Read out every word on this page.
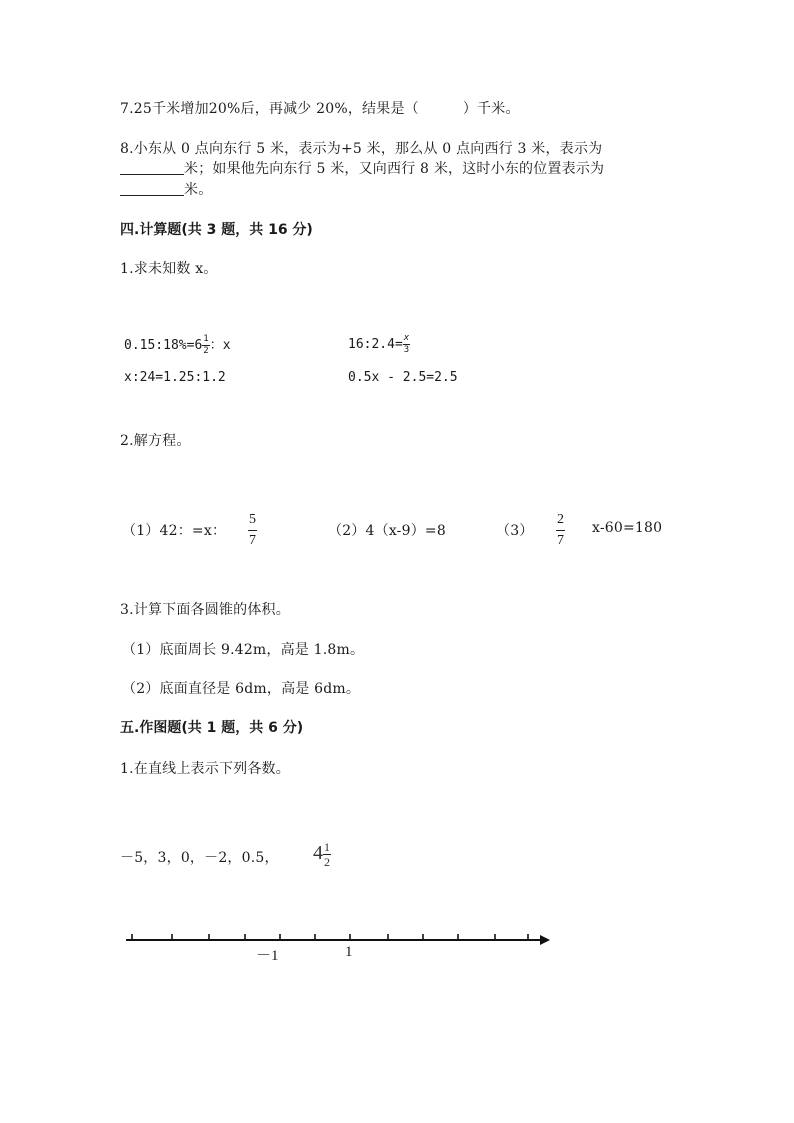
7.25千米增加20%后，再减少 20%，结果是（	）千米。
8.小东从 0 点向东行 5 米，表示为+5 米，那么从 0 点向西行 3 米，表示为
米；如果他先向东行 5 米，又向西行 8 米，这时小东的位置表示为
米。
四.计算题(共 3 题，共 16 分)
1.求未知数 x。
0.15:18%=6 $\frac{1}{2}$ ：x	16:2.4= $\frac{x}{3}$
x:24=1.25:1.2	0.5x - 2.5=2.5
2.解方程。
（1）42：=x： $\frac{5}{7}$	（2）4（x-9）=8	$(3) \frac{2}{7} x-60=180$
3.计算下面各圆锥的体积。
（1）底面周长 9.42m，高是 1.8m。
（2）底面直径是 6dm，高是 6dm。
五.作图题(共 1 题，共 6 分)
1.在直线上表示下列各数。
－5，3，0，－2，0.5， $4 \frac{1}{2}$
－1	1
